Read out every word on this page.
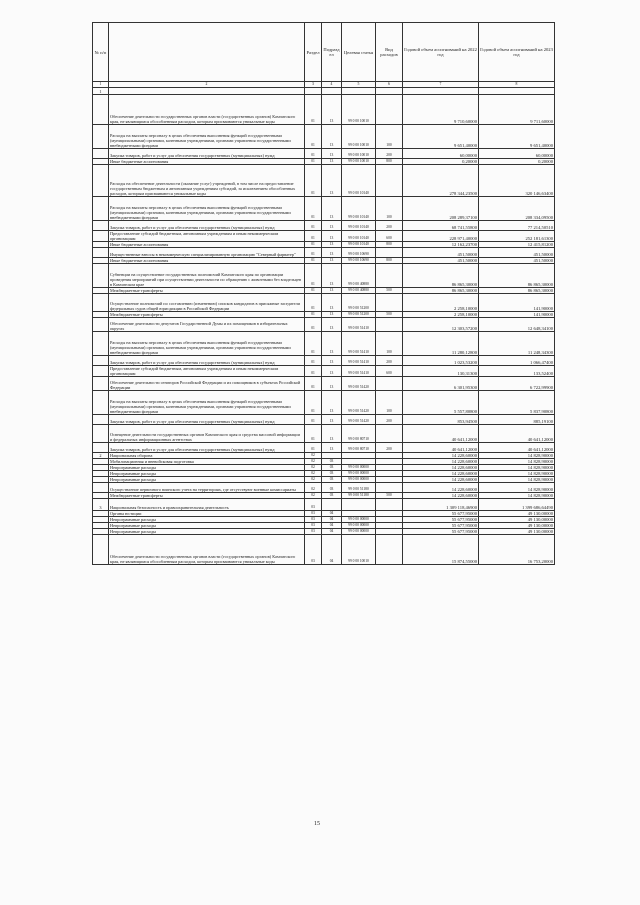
№ п/п		Раздел	Подраздел	Целевая статья	Вид расходов	Годовой объем ассигнований на 2022 год	Годовой объем ассигнований на 2023 год
1	2	3	4	5	6	7	8
1							
	Обеспечение деятельности государственных органов власти (государственных органов) Камчатского края, не являющимся обособленным расходом, которым присваиваются уникальные коды	01	13	99 0 00 10010		9 710,60000	9 711,60000
	Расходы на выплаты персоналу в целях обеспечения выполнения функций государственными (муниципальными) органами, казенными учреждениями, органами управления государственными внебюджетными фондами	01	13	99 0 00 10010	100	9 651,40000	9 651,40000
	Закупка товаров, работ и услуг для обеспечения государственных (муниципальных) нужд	01	13	99 0 00 10010	200	60,00000	60,00000
	Иные бюджетные ассигнования	01	13	99 0 00 10010	800	0,20000	0,20000
	Расходы на обеспечение деятельности (оказание услуг) учреждений, в том числе на предоставление государственным бюджетным и автономным учреждениям субсидий, за исключением обособленных расходов, которым присваиваются уникальные коды	01	13	99 0 00 10140		278 344,23500	320 146,63400
	Расходы на выплаты персоналу в целях обеспечения выполнения функций государственными (муниципальными) органами, казенными учреждениями, органами управления государственными внебюджетными фондами	01	13	99 0 00 10140	100	208 289,37100	208 334,09500
	Закупка товаров, работ и услуг для обеспечения государственных (муниципальных) нужд	01	13	99 0 00 10140	200	68 741,55800	77 214,50510
	Предоставление субсидий бюджетным, автономным учреждениям и иным некоммерческим организациям	01	13	99 0 00 10140	600	228 971,40000	252 181,61300
	Иные бюджетные ассигнования	01	13	99 0 00 10140	800	12 162,23700	12 415,81200
	Имущественные взносы в некоммерческую специализированную организацию "Северный фарватер"	01	13	99 0 00 10690		451,50000	451,50000
	Иные бюджетные ассигнования	01	13	99 0 00 10690	800	451,50000	451,50000
	Субвенции на осуществление государственных полномочий Камчатского края по организации проведения мероприятий при осуществлении деятельности по обращению с животными без владельцев в Камчатском крае	01	13	99 0 00 40880		86 865,30000	86 865,30000
	Межбюджетные трансферты	01	13	99 0 00 40880	500	86 865,30000	86 865,30000
	Осуществление полномочий по составлению (изменению) списков кандидатов в присяжные заседатели федеральных судов общей юрисдикции в Российской Федерации	01	13	99 0 00 51200		2 258,10000	141,90000
	Межбюджетные трансферты	01	13	99 0 00 51200	500	2 258,10000	141,90000
	Обеспечение деятельности депутатов Государственной Думы и их помощников в избирательных округах	01	13	99 0 00 51410		12 303,57200	12 648,34100
	Расходы на выплаты персоналу в целях обеспечения выполнения функций государственными (муниципальными) органами, казенными учреждениями, органами управления государственными внебюджетными фондами	01	13	99 0 00 51410	100	11 280,12800	11 248,34300
	Закупка товаров, работ и услуг для обеспечения государственных (муниципальных) нужд	01	13	99 0 00 51410	200	1 023,53200	1 066,47400
	Предоставление субсидий бюджетным, автономным учреждениям и иным некоммерческим организациям	01	13	99 0 00 51410	600	130,31300	133,52400
	Обеспечение деятельности сенаторов Российской Федерации и их помощников в субъектах Российской Федерации	01	13	99 0 00 51420		6 301,95300	6 722,99900
	Расходы на выплаты персоналу в целях обеспечения выполнения функций государственными (муниципальными) органами, казенными учреждениями, органами управления государственными внебюджетными фондами	01	13	99 0 00 51420	100	5 557,80800	5 837,90800
	Закупка товаров, работ и услуг для обеспечения государственных (муниципальных) нужд	01	13	99 0 00 51420	200	853,94500	885,19100
	Освещение деятельности государственных органов Камчатского края и средства массовой информации и федеральных информационных агентствах	01	13	99 0 00 80710		40 641,12000	40 641,12000
	Закупка товаров, работ и услуг для обеспечения государственных (муниципальных) нужд	01	13	99 0 00 80710	200	40 641,12000	40 641,12000
2	Национальная оборона	02				14 228,60000	14 828,90000
	Мобилизационная и вневойсковая подготовка	02	03			14 228,60000	14 828,90000
	Непрограммные расходы	02	03	99 0 00 00000		14 228,60000	14 828,90000
	Непрограммные расходы	02	03	99 0 00 00000		14 228,60000	14 828,90000
	Непрограммные расходы	02	03	99 0 00 00000		14 228,60000	14 828,90000
	Осуществление первичного воинского учета на территориях, где отсутствуют военные комиссариаты	02	03	99 0 00 51180		14 228,60000	14 828,90000
	Межбюджетные трансферты	02	03	99 0 00 51180	500	14 228,60000	14 828,90000
3	Национальная безопасность и правоохранительная деятельность	03				1 309 118,46900	1 399 686,64490
	Органы юстиции	03	04			55 677,95000	49 130,00000
	Непрограммные расходы	03	04	99 0 00 00000		55 677,95000	49 130,00000
	Непрограммные расходы	03	04	99 0 00 00000		55 677,95000	49 130,00000
	Непрограммные расходы	03	04	99 0 00 00000		55 677,95000	49 130,00000
	Обеспечение деятельности государственных органов власти (государственных органов) Камчатского края, не являющимся обособленным расходом, которым присваиваются уникальные коды	03	04	99 0 00 10010		15 874,55000	16 753,20000
15
